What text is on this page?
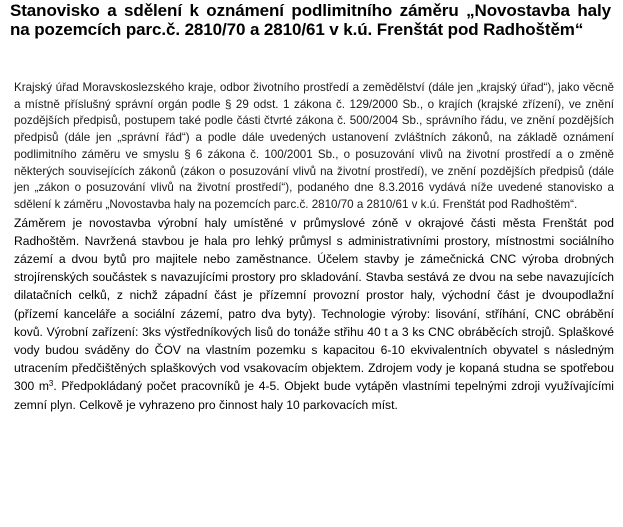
Stanovisko a sdělení k oznámení podlimitního záměru „Novostavba haly na pozemcích parc.č. 2810/70 a 2810/61 v k.ú. Frenštát pod Radhoštěm“

Krajský úřad Moravskoslezského kraje, odbor životního prostředí a zemědělství (dále jen „krajský úřad“), jako věcně a místně příslušný správní orgán podle § 29 odst. 1 zákona č. 129/2000 Sb., o krajích (krajské zřízení), ve znění pozdějších předpisů, postupem také podle části čtvrté zákona č. 500/2004 Sb., správního řádu, ve znění pozdějších předpisů (dále jen „správní řád“) a podle dále uvedených ustanovení zvláštních zákonů, na základě oznámení podlimitního záměru ve smyslu § 6 zákona č. 100/2001 Sb., o posuzování vlivů na životní prostředí a o změně některých souvisejících zákonů (zákon o posuzování vlivů na životní prostředí), ve znění pozdějších předpisů (dále jen „zákon o posuzování vlivů na životní prostředí“), podaného dne 8.3.2016 vydává níže uvedené stanovisko a sdělení k záměru „Novostavba haly na pozemcích parc.č. 2810/70 a 2810/61 v k.ú. Frenštát pod Radhoštěm“.

Záměrem je novostavba výrobní haly umístěné v průmyslové zóně v okrajové části města Frenštát pod Radhoštěm. Navržená stavbou je hala pro lehký průmysl s administrativními prostory, místnostmi sociálního zázemí a dvou bytů pro majitele nebo zaměstnance. Účelem stavby je zámečnická CNC výroba drobných strojírenských součástek s navazujícími prostory pro skladování. Stavba sestává ze dvou na sebe navazujících dilatačních celků, z nichž západní část je přízemní provozní prostor haly, východní část je dvoupodlažní (přízemí kanceláře a sociální zázemí, patro dva byty). Technologie výroby: lisování, stříhání, CNC obrábění kovů. Výrobní zařízení: 3ks výstředníkových lisů do tonáže střihu 40 t a 3 ks CNC obráběcích strojů. Splaškové vody budou sváděny do ČOV na vlastním pozemku s kapacitou 6-10 ekvivalentních obyvatel s následným utracením předčištěných splaškových vod vsakovacím objektem. Zdrojem vody je kopaná studna se spotřebou 300 $m^3$. Předpokládaný počet pracovníků je 4-5. Objekt bude vytápěn vlastními tepelnými zdroji využívajícími zemní plyn. Celkově je vyhrazeno pro činnost haly 10 parkovacích míst.
